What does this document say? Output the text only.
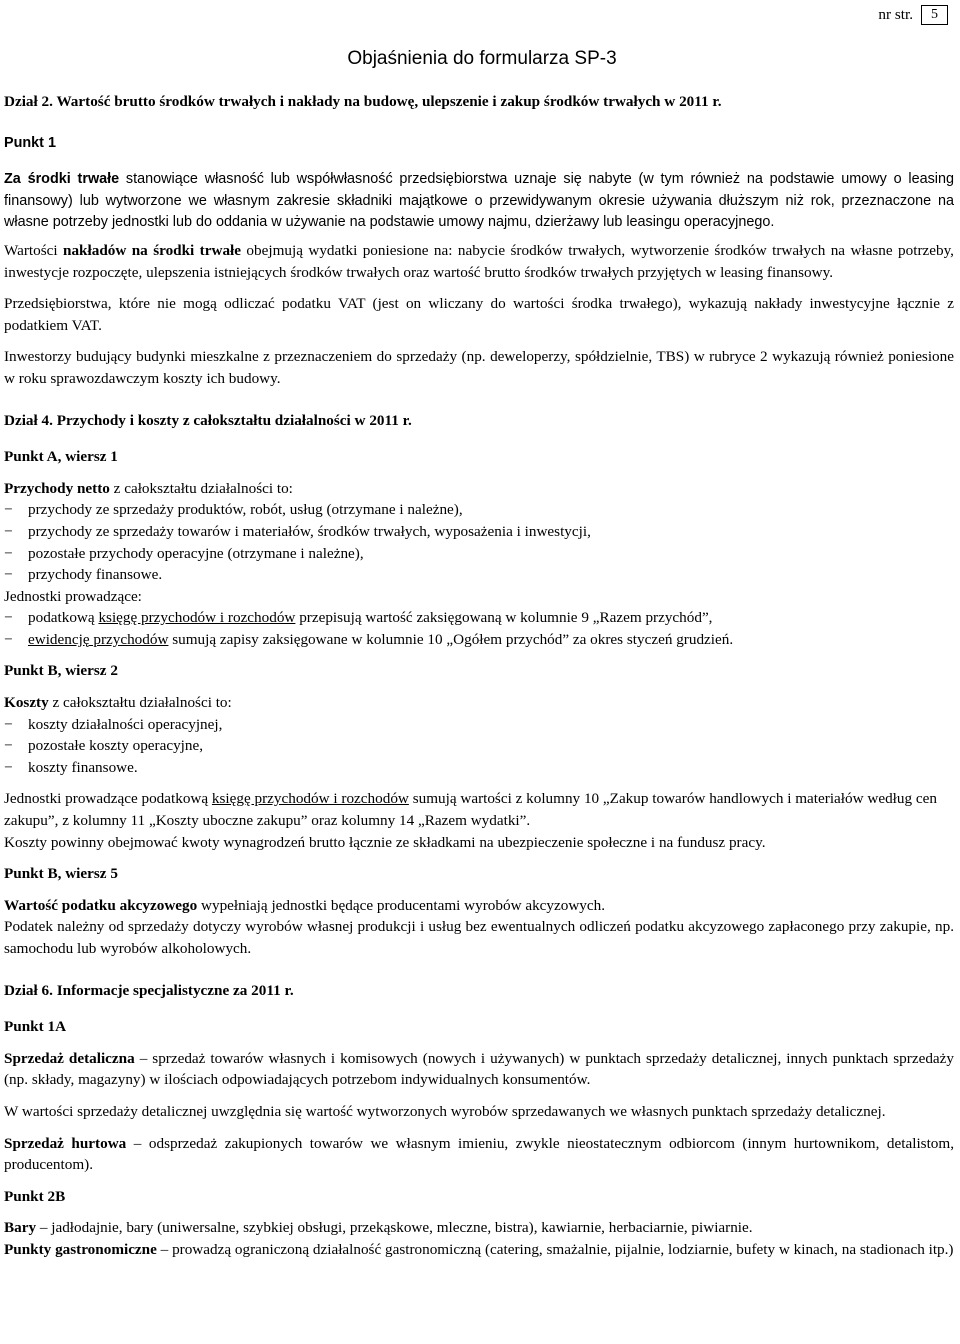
nr str.	5
Objaśnienia do formularza SP-3

Dział 2. Wartość brutto środków trwałych i nakłady na budowę, ulepszenie i zakup środków trwałych w 2011 r.

Punkt 1

Za środki trwałe stanowiące własność lub współwłasność przedsiębiorstwa uznaje się nabyte (w tym również na podstawie umowy o leasing finansowy) lub wytworzone we własnym zakresie składniki majątkowe o przewidywanym okresie używania dłuższym niż rok, przeznaczone na własne potrzeby jednostki lub do oddania w używanie na podstawie umowy najmu, dzierżawy lub leasingu operacyjnego.

Wartości nakładów na środki trwałe obejmują wydatki poniesione na: nabycie środków trwałych, wytworzenie środków trwałych na własne potrzeby, inwestycje rozpoczęte, ulepszenia istniejących środków trwałych oraz wartość brutto środków trwałych przyjętych w leasing finansowy.

Przedsiębiorstwa, które nie mogą odliczać podatku VAT (jest on wliczany do wartości środka trwałego), wykazują nakłady inwestycyjne łącznie z podatkiem VAT.

Inwestorzy budujący budynki mieszkalne z przeznaczeniem do sprzedaży (np. deweloperzy, spółdzielnie, TBS) w rubryce 2 wykazują również poniesione w roku sprawozdawczym koszty ich budowy.

Dział 4. Przychody i koszty z całokształtu działalności w 2011 r.

Punkt A, wiersz 1

Przychody netto z całokształtu działalności to:

− przychody ze sprzedaży produktów, robót, usług (otrzymane i należne),
− przychody ze sprzedaży towarów i materiałów, środków trwałych, wyposażenia i inwestycji,
− pozostałe przychody operacyjne (otrzymane i należne),
− przychody finansowe.

Jednostki prowadzące:

− podatkową księgę przychodów i rozchodów przepisują wartość zaksięgowaną w kolumnie 9 „Razem przychód”,
− ewidencję przychodów sumują zapisy zaksięgowane w kolumnie 10 „Ogółem przychód” za okres styczeń grudzień.

Punkt B, wiersz 2

Koszty z całokształtu działalności to:

− koszty działalności operacyjnej,
− pozostałe koszty operacyjne,
− koszty finansowe.

Jednostki prowadzące podatkową księgę przychodów i rozchodów sumują wartości z kolumny 10 „Zakup towarów handlowych i materiałów według cen zakupu”, z kolumny 11 „Koszty uboczne zakupu” oraz kolumny 14 „Razem wydatki”.

Koszty powinny obejmować kwoty wynagrodzeń brutto łącznie ze składkami na ubezpieczenie społeczne i na fundusz pracy.

Punkt B, wiersz 5

Wartość podatku akcyzowego wypełniają jednostki będące producentami wyrobów akcyzowych.

Podatek należny od sprzedaży dotyczy wyrobów własnej produkcji i usług bez ewentualnych odliczeń podatku akcyzowego zapłaconego przy zakupie, np. samochodu lub wyrobów alkoholowych.

Dział 6. Informacje specjalistyczne za 2011 r.

Punkt 1A

Sprzedaż detaliczna – sprzedaż towarów własnych i komisowych (nowych i używanych) w punktach sprzedaży detalicznej, innych punktach sprzedaży (np. składy, magazyny) w ilościach odpowiadających potrzebom indywidualnych konsumentów.

W wartości sprzedaży detalicznej uwzględnia się wartość wytworzonych wyrobów sprzedawanych we własnych punktach sprzedaży detalicznej.

Sprzedaż hurtowa – odsprzedaż zakupionych towarów we własnym imieniu, zwykle nieostatecznym odbiorcom (innym hurtownikom, detalistom, producentom).

Punkt 2B

Bary – jadłodajnie, bary (uniwersalne, szybkiej obsługi, przekąskowe, mleczne, bistra), kawiarnie, herbaciarnie, piwiarnie.

Punkty gastronomiczne – prowadzą ograniczoną działalność gastronomiczną (catering, smażalnie, pijalnie, lodziarnie, bufety w kinach, na stadionach itp.)
